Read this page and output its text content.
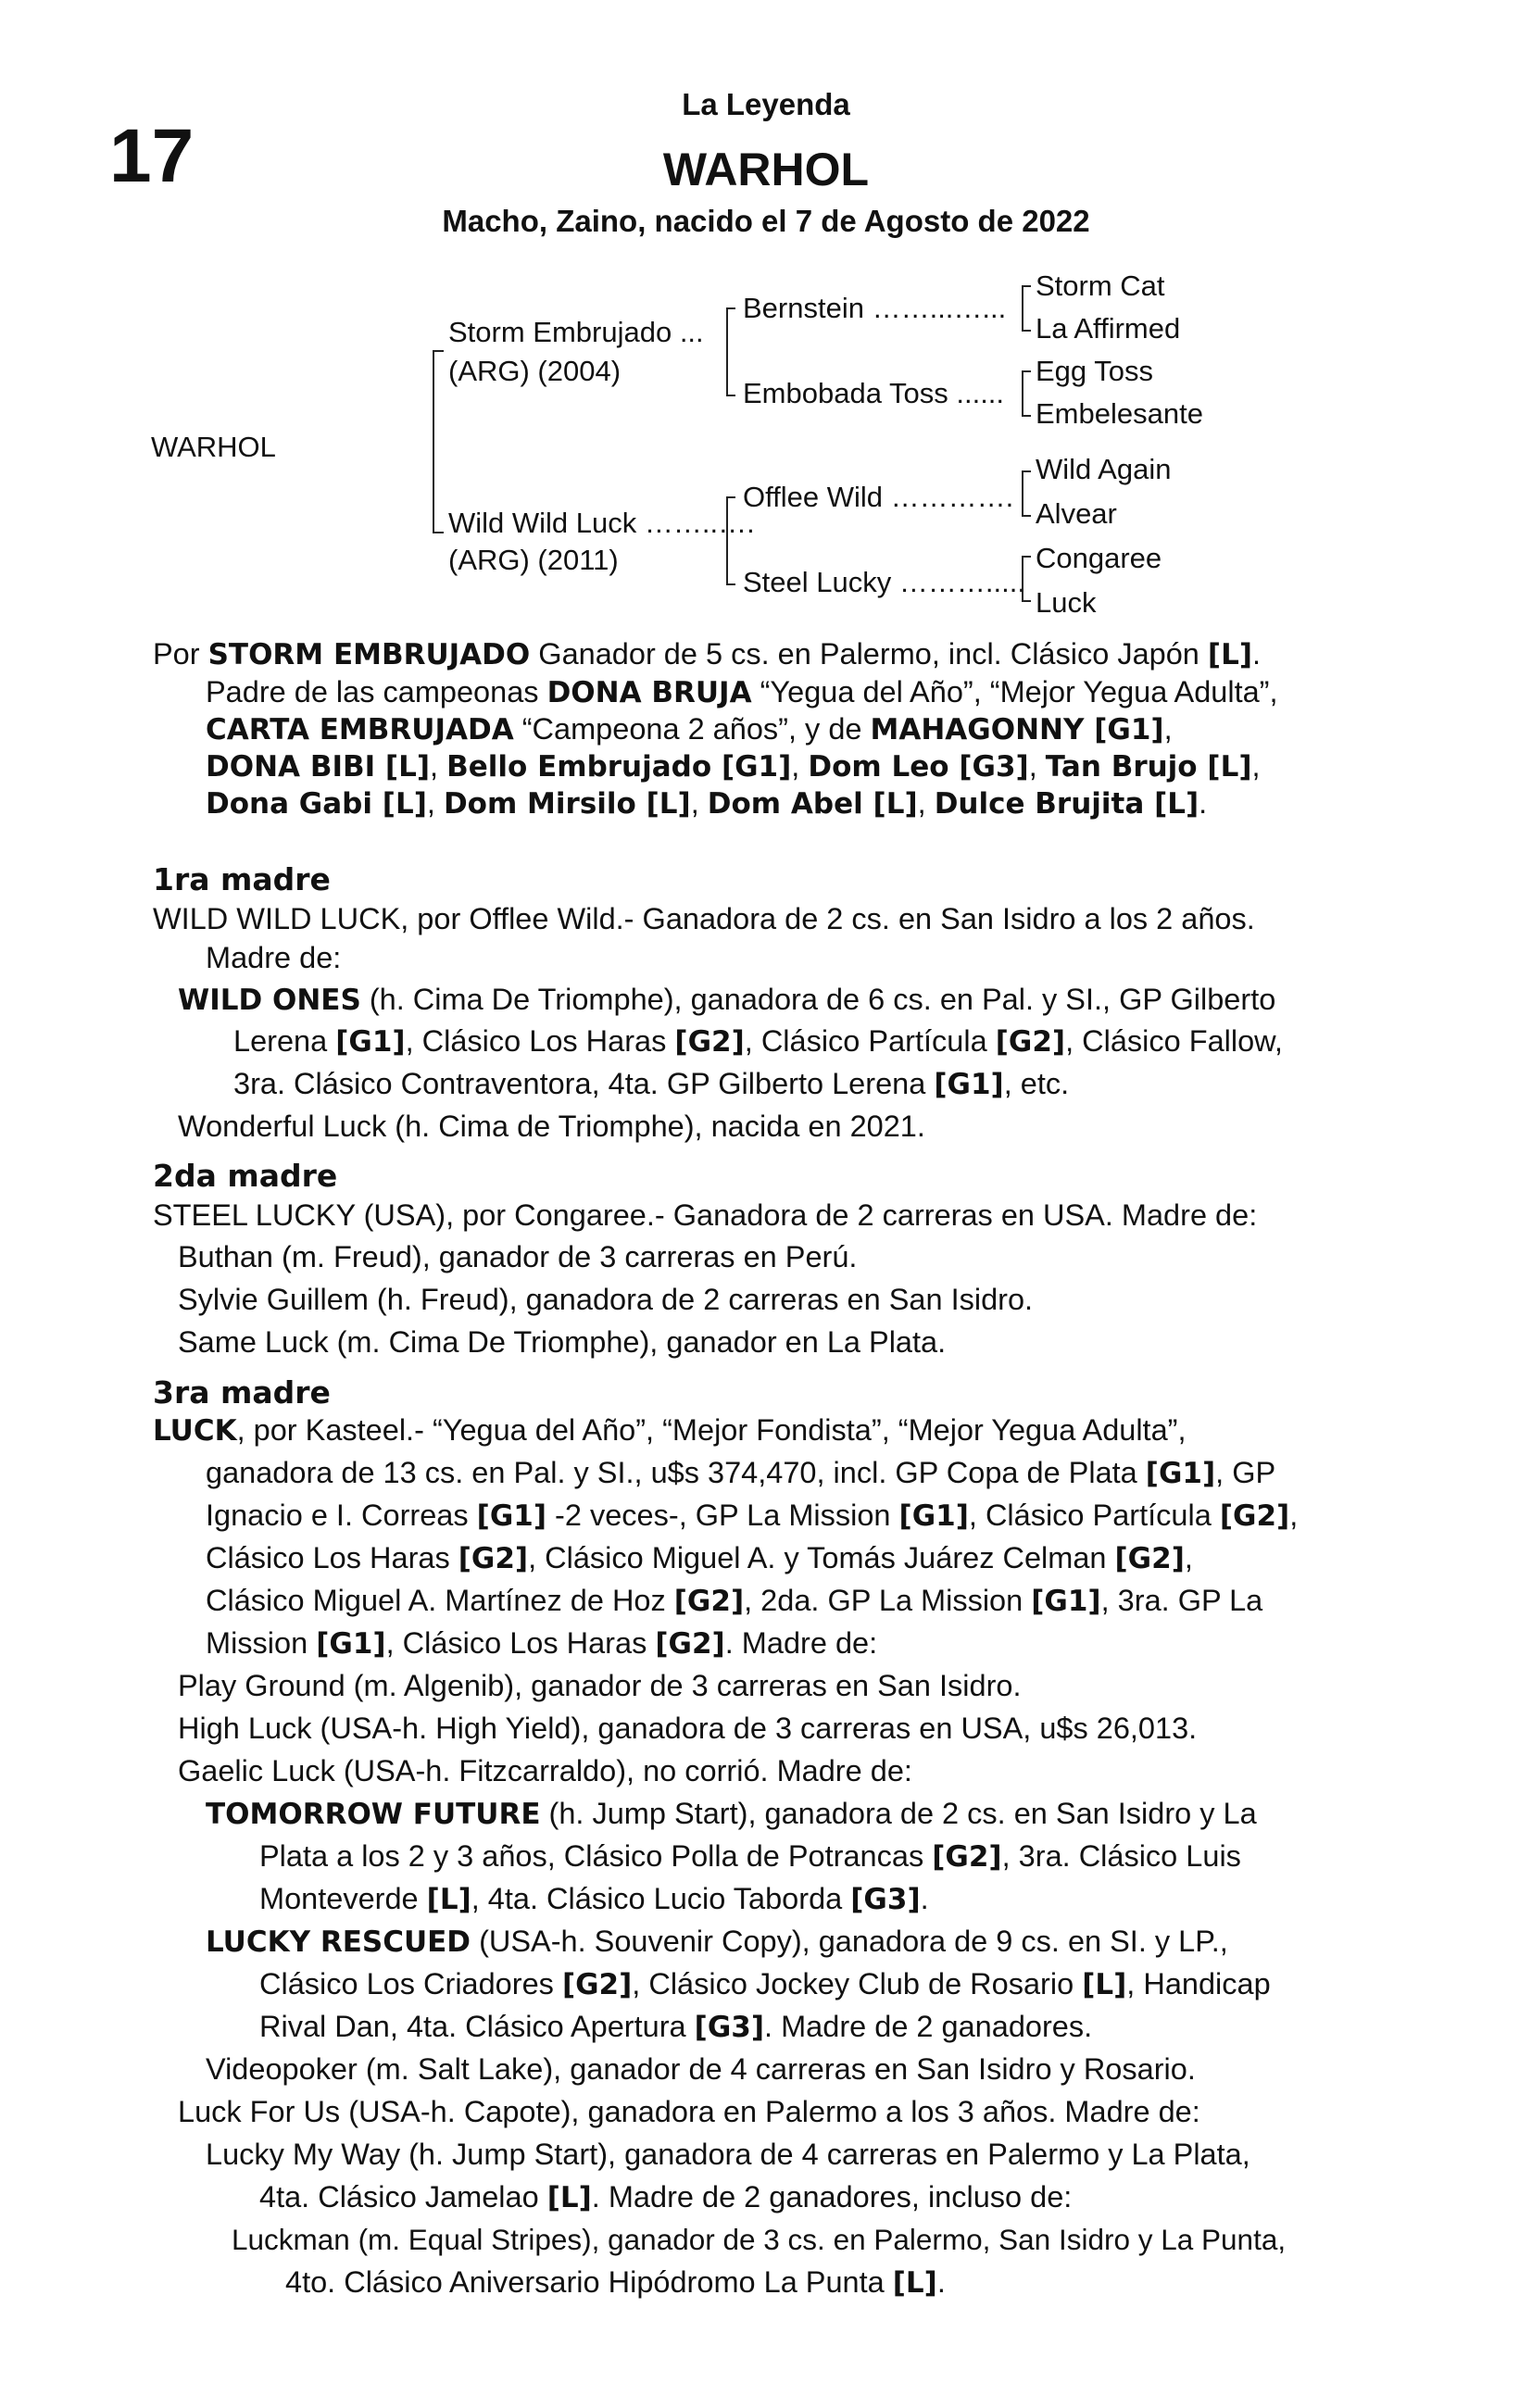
17
La Leyenda
WARHOL
Macho, Zaino, nacido el 7 de Agosto de 2022
WARHOL
Storm Embrujado ...
(ARG) (2004)
Wild Wild Luck ……..….
(ARG) (2011)
Bernstein ……...…...
Embobada Toss ......
Offlee Wild ………….
Steel Lucky ……….....
Storm Cat
La Affirmed
Egg Toss
Embelesante
Wild Again
Alvear
Congaree
Luck
Por STORM EMBRUJADO Ganador de 5 cs. en Palermo, incl. Clásico Japón [L].
Padre de las campeonas DONA BRUJA “Yegua del Año”, “Mejor Yegua Adulta”,
CARTA EMBRUJADA “Campeona 2 años”, y de MAHAGONNY [G1],
DONA BIBI [L], Bello Embrujado [G1], Dom Leo [G3], Tan Brujo [L],
Dona Gabi [L], Dom Mirsilo [L], Dom Abel [L], Dulce Brujita [L].
1ra madre
WILD WILD LUCK, por Offlee Wild.- Ganadora de 2 cs. en San Isidro a los 2 años.
Madre de:
WILD ONES (h. Cima De Triomphe), ganadora de 6 cs. en Pal. y SI., GP Gilberto
Lerena [G1], Clásico Los Haras [G2], Clásico Partícula [G2], Clásico Fallow,
3ra. Clásico Contraventora, 4ta. GP Gilberto Lerena [G1], etc.
Wonderful Luck (h. Cima de Triomphe), nacida en 2021.
2da madre
STEEL LUCKY (USA), por Congaree.- Ganadora de 2 carreras en USA. Madre de:
Buthan (m. Freud), ganador de 3 carreras en Perú.
Sylvie Guillem (h. Freud), ganadora de 2 carreras en San Isidro.
Same Luck (m. Cima De Triomphe), ganador en La Plata.
3ra madre
LUCK, por Kasteel.- “Yegua del Año”, “Mejor Fondista”, “Mejor Yegua Adulta”,
ganadora de 13 cs. en Pal. y SI., u$s 374,470, incl. GP Copa de Plata [G1], GP
Ignacio e I. Correas [G1] -2 veces-, GP La Mission [G1], Clásico Partícula [G2],
Clásico Los Haras [G2], Clásico Miguel A. y Tomás Juárez Celman [G2],
Clásico Miguel A. Martínez de Hoz [G2], 2da. GP La Mission [G1], 3ra. GP La
Mission [G1], Clásico Los Haras [G2]. Madre de:
Play Ground (m. Algenib), ganador de 3 carreras en San Isidro.
High Luck (USA-h. High Yield), ganadora de 3 carreras en USA, u$s 26,013.
Gaelic Luck (USA-h. Fitzcarraldo), no corrió. Madre de:
TOMORROW FUTURE (h. Jump Start), ganadora de 2 cs. en San Isidro y La
Plata a los 2 y 3 años, Clásico Polla de Potrancas [G2], 3ra. Clásico Luis
Monteverde [L], 4ta. Clásico Lucio Taborda [G3].
LUCKY RESCUED (USA-h. Souvenir Copy), ganadora de 9 cs. en SI. y LP.,
Clásico Los Criadores [G2], Clásico Jockey Club de Rosario [L], Handicap
Rival Dan, 4ta. Clásico Apertura [G3]. Madre de 2 ganadores.
Videopoker (m. Salt Lake), ganador de 4 carreras en San Isidro y Rosario.
Luck For Us (USA-h. Capote), ganadora en Palermo a los 3 años. Madre de:
Lucky My Way (h. Jump Start), ganadora de 4 carreras en Palermo y La Plata,
4ta. Clásico Jamelao [L]. Madre de 2 ganadores, incluso de:
Luckman (m. Equal Stripes), ganador de 3 cs. en Palermo, San Isidro y La Punta,
4to. Clásico Aniversario Hipódromo La Punta [L].
